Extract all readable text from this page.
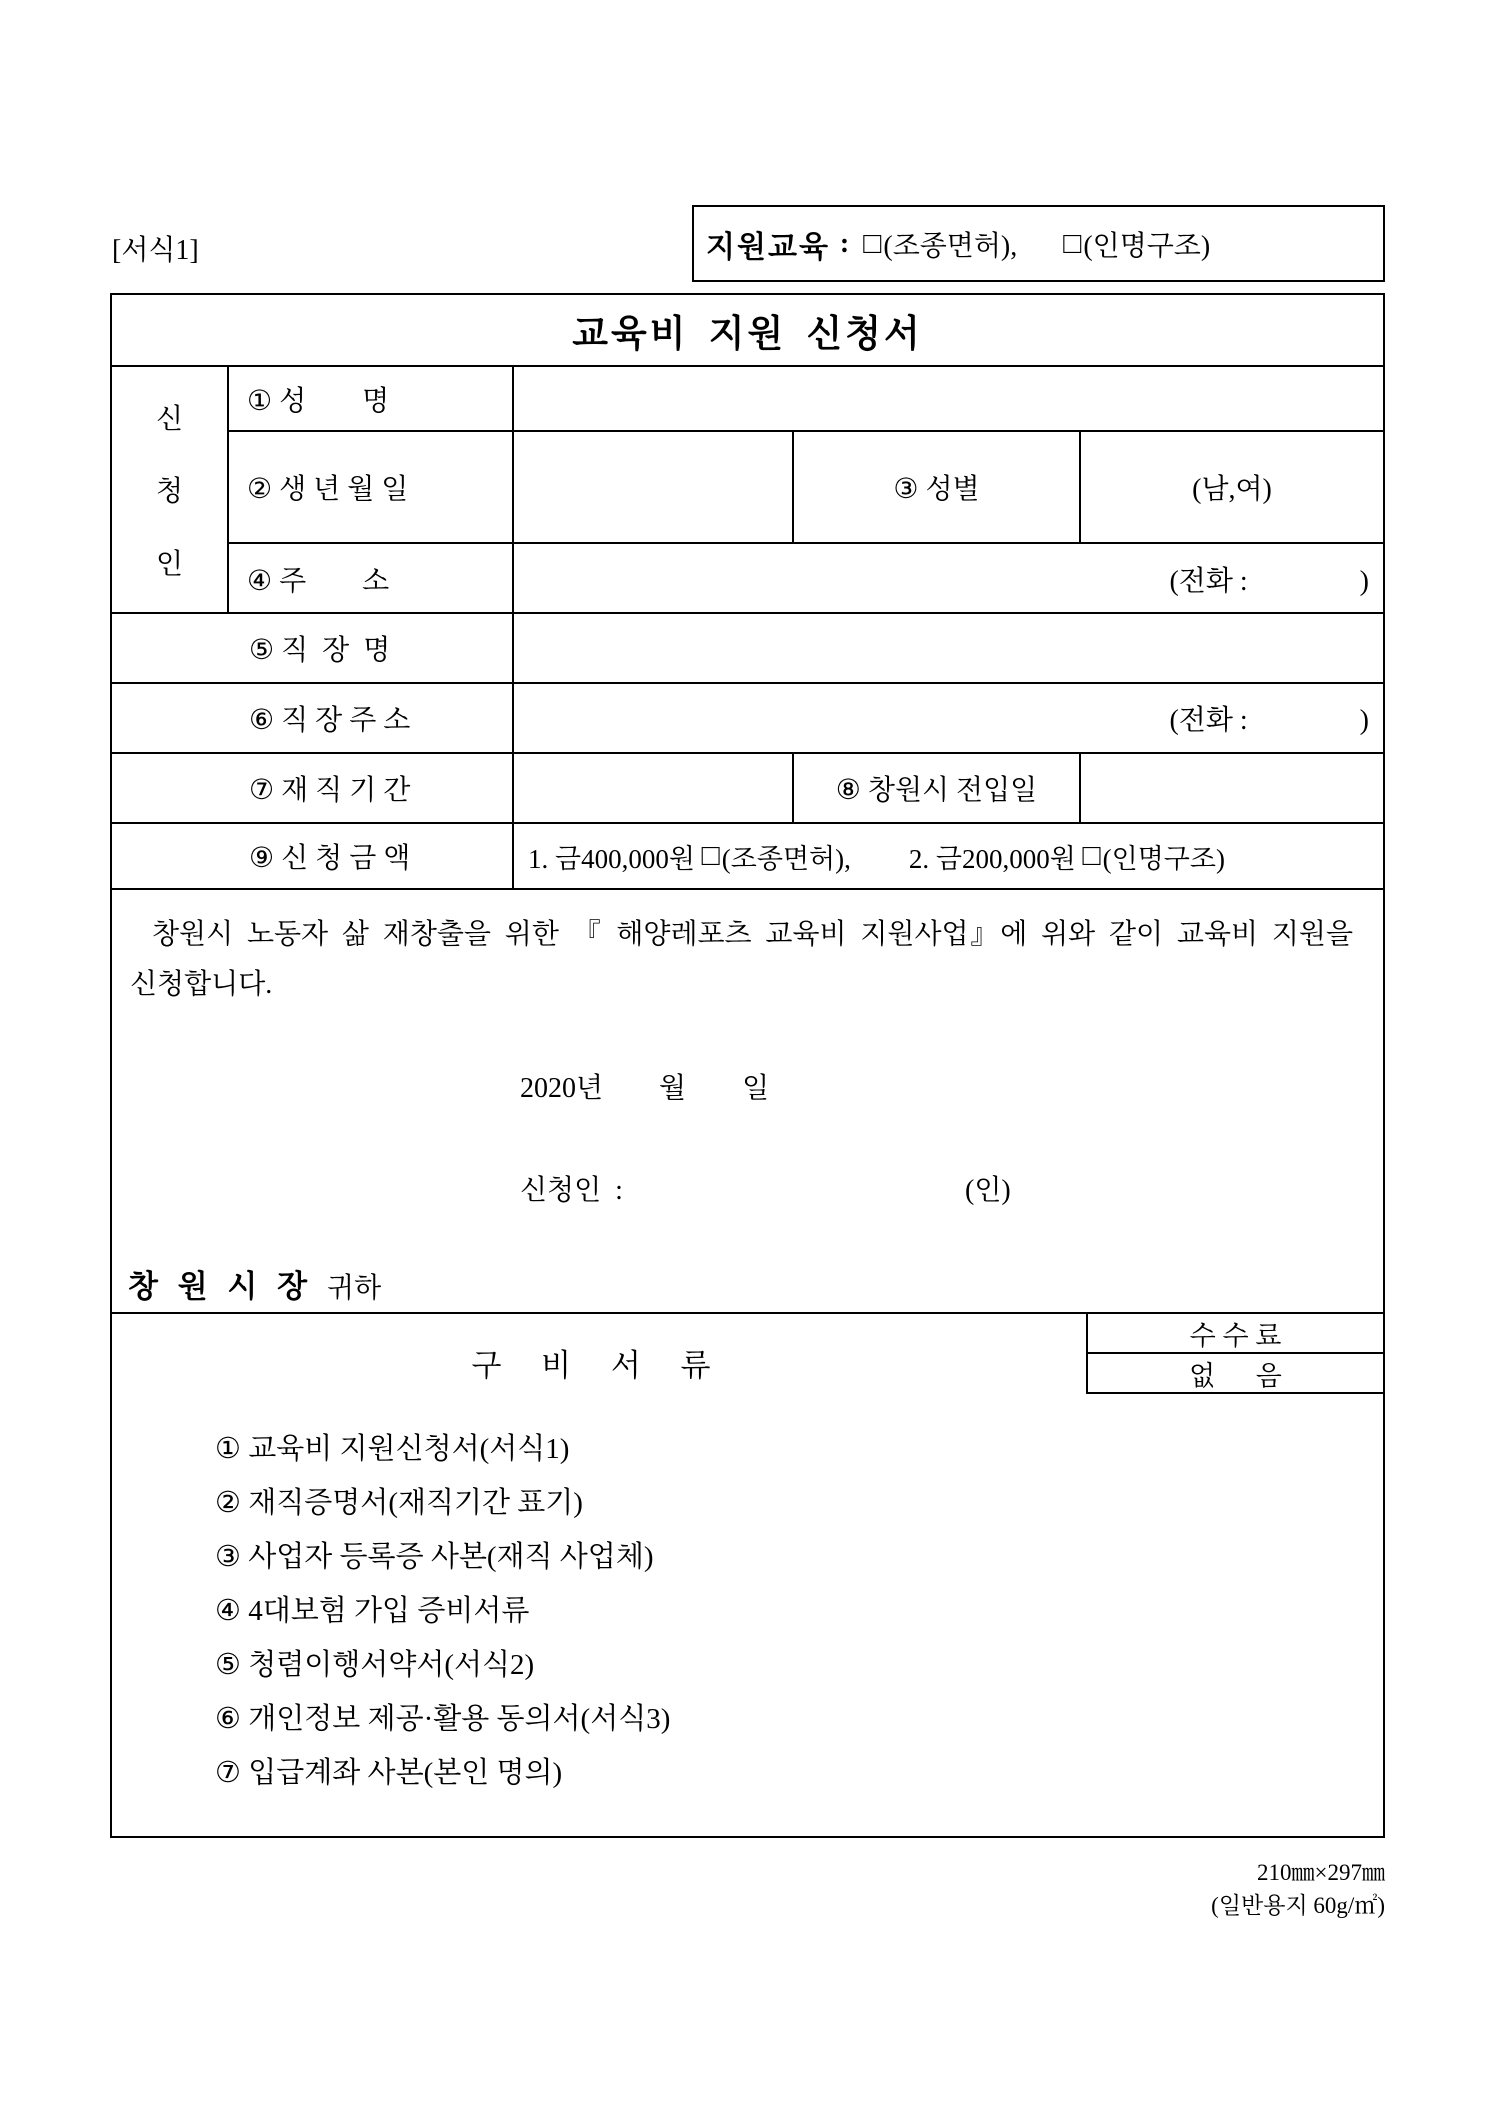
[서식1]	지원교육 : □ (조종면허), □ (인명구조)
교육비 지원 신청서
신
청
인
① 성        명
② 생 년 월 일	③ 성별	(남,여)
④ 주        소	(전화 :                )
⑤ 직  장  명
⑥ 직 장 주 소	(전화 :                )
⑦ 재 직 기 간	⑧ 창원시 전입일
⑨ 신 청 금 액	1. 금400,000원 □ (조종면허), 2. 금200,000원 □ (인명구조)
창원시 노동자 삶 재창출을 위한 『 해양레포츠 교육비 지원사업』에 위와 같이 교육비 지원을 신청합니다.
2020년        월        일
신청인  :	(인)
창 원 시 장 귀하
수 수 료
없      음
구 비 서 류
① 교육비 지원신청서(서식1)
② 재직증명서(재직기간 표기)
③ 사업자 등록증 사본(재직 사업체)
④ 4대보험 가입 증비서류
⑤ 청렴이행서약서(서식2)
⑥ 개인정보 제공·활용 동의서(서식3)
⑦ 입급계좌 사본(본인 명의)
210㎜×297㎜
(일반용지 60g/㎡)
